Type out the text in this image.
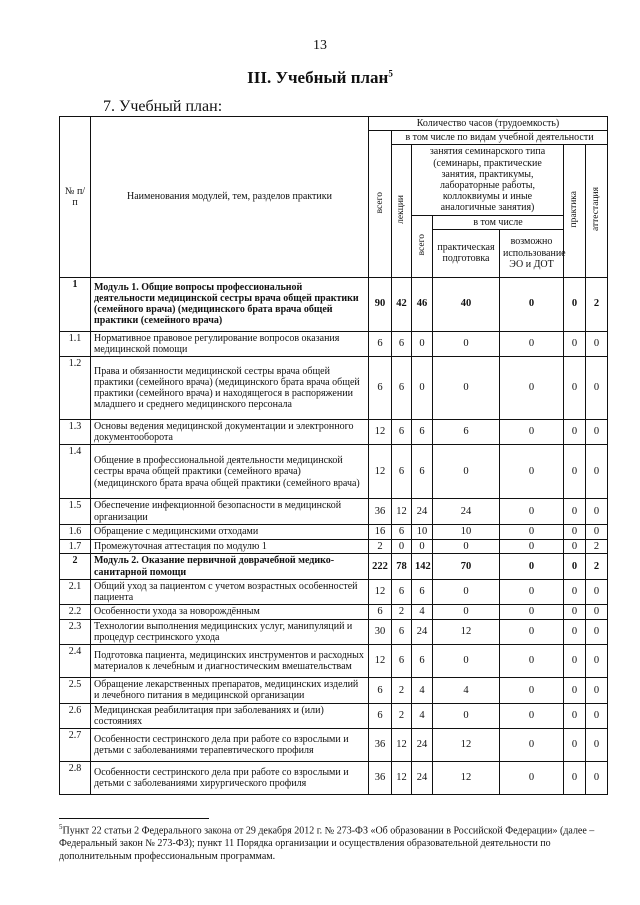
13
III. Учебный план$^5$
7. Учебный план:
№ п/п	Наименования модулей, тем, разделов практики	Количество часов (трудоемкость)						
		всего	в том числе по видам учебной деятельности					
			лекции	занятия семинарского типа (семинары, практические занятия, практикумы, лабораторные работы, коллоквиумы и иные аналогичные занятия)			практика	аттестация
				всего	в том числе			
					практическая подготовка	возможно использование ЭО и ДОТ		
1	Модуль 1. Общие вопросы профессиональной деятельности медицинской сестры врача общей практики (семейного врача) (медицинского брата врача общей практики (семейного врача)	90	42	46	40	0	0	2
1.1	Нормативное правовое регулирование вопросов оказания медицинской помощи	6	6	0	0	0	0	0
1.2	Права и обязанности медицинской сестры врача общей практики (семейного врача) (медицинского брата врача общей практики (семейного врача) и находящегося в распоряжении младшего и среднего медицинского персонала	6	6	0	0	0	0	0
1.3	Основы ведения медицинской документации и электронного документооборота	12	6	6	6	0	0	0
1.4	Общение в профессиональной деятельности медицинской сестры врача общей практики (семейного врача) (медицинского брата врача общей практики (семейного врача)	12	6	6	0	0	0	0
1.5	Обеспечение инфекционной безопасности в медицинской организации	36	12	24	24	0	0	0
1.6	Обращение с медицинскими отходами	16	6	10	10	0	0	0
1.7	Промежуточная аттестация по модулю 1	2	0	0	0	0	0	2
2	Модуль 2. Оказание первичной доврачебной медико-санитарной помощи	222	78	142	70	0	0	2
2.1	Общий уход за пациентом с учетом возрастных особенностей пациента	12	6	6	0	0	0	0
2.2	Особенности ухода за новорождённым	6	2	4	0	0	0	0
2.3	Технологии выполнения медицинских услуг, манипуляций и процедур сестринского ухода	30	6	24	12	0	0	0
2.4	Подготовка пациента, медицинских инструментов и расходных материалов к лечебным и диагностическим вмешательствам	12	6	6	0	0	0	0
2.5	Обращение лекарственных препаратов, медицинских изделий и лечебного питания в медицинской организации	6	2	4	4	0	0	0
2.6	Медицинская реабилитация при заболеваниях и (или) состояниях	6	2	4	0	0	0	0
2.7	Особенности сестринского дела при работе со взрослыми и детьми с заболеваниями терапевтического профиля	36	12	24	12	0	0	0
2.8	Особенности сестринского дела при работе со взрослыми и детьми с заболеваниями хирургического профиля	36	12	24	12	0	0	0
$^5$Пункт 22 статьи 2 Федерального закона от 29 декабря 2012 г. № 273-ФЗ «Об образовании в Российской Федерации» (далее – Федеральный закон № 273-ФЗ); пункт 11 Порядка организации и осуществления образовательной деятельности по дополнительным профессиональным программам.
